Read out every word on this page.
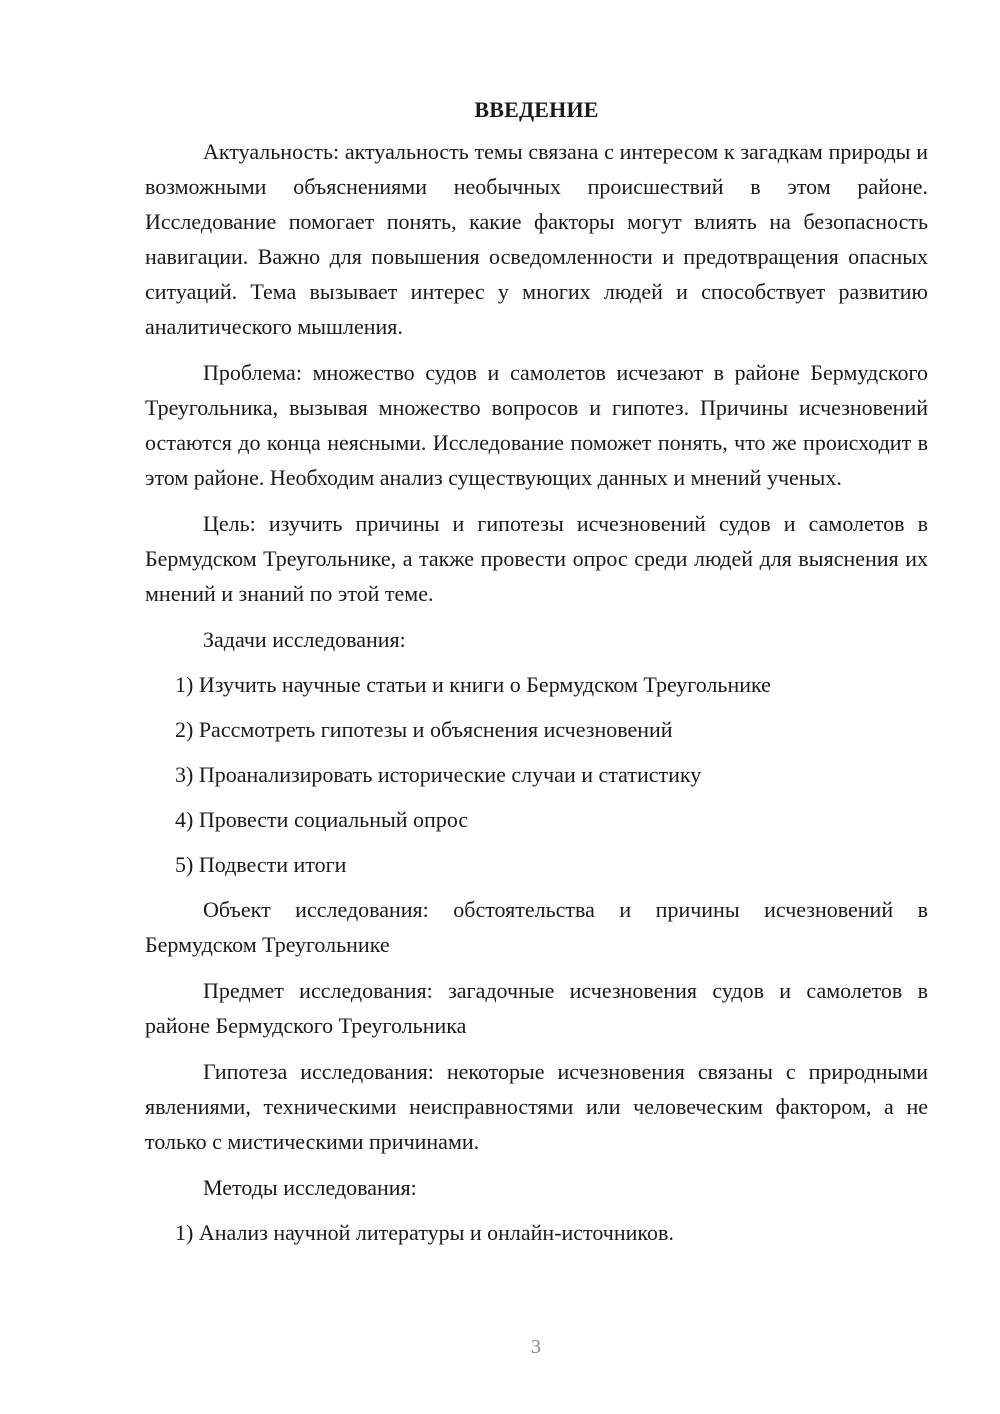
ВВЕДЕНИЕ

Актуальность: актуальность темы связана с интересом к загадкам природы и возможными объяснениями необычных происшествий в этом районе. Исследование помогает понять, какие факторы могут влиять на безопасность навигации. Важно для повышения осведомленности и предотвращения опасных ситуаций. Тема вызывает интерес у многих людей и способствует развитию аналитического мышления.

Проблема: множество судов и самолетов исчезают в районе Бермудского Треугольника, вызывая множество вопросов и гипотез. Причины исчезновений остаются до конца неясными. Исследование поможет понять, что же происходит в этом районе. Необходим анализ существующих данных и мнений ученых.

Цель: изучить причины и гипотезы исчезновений судов и самолетов в Бермудском Треугольнике, а также провести опрос среди людей для выяснения их мнений и знаний по этой теме.

Задачи исследования:
1) Изучить научные статьи и книги о Бермудском Треугольнике
2) Рассмотреть гипотезы и объяснения исчезновений
3) Проанализировать исторические случаи и статистику
4) Провести социальный опрос
5) Подвести итоги

Объект исследования: обстоятельства и причины исчезновений в Бермудском Треугольнике

Предмет исследования: загадочные исчезновения судов и самолетов в районе Бермудского Треугольника

Гипотеза исследования: некоторые исчезновения связаны с природными явлениями, техническими неисправностями или человеческим фактором, а не только с мистическими причинами.

Методы исследования:
1) Анализ научной литературы и онлайн-источников.
3
